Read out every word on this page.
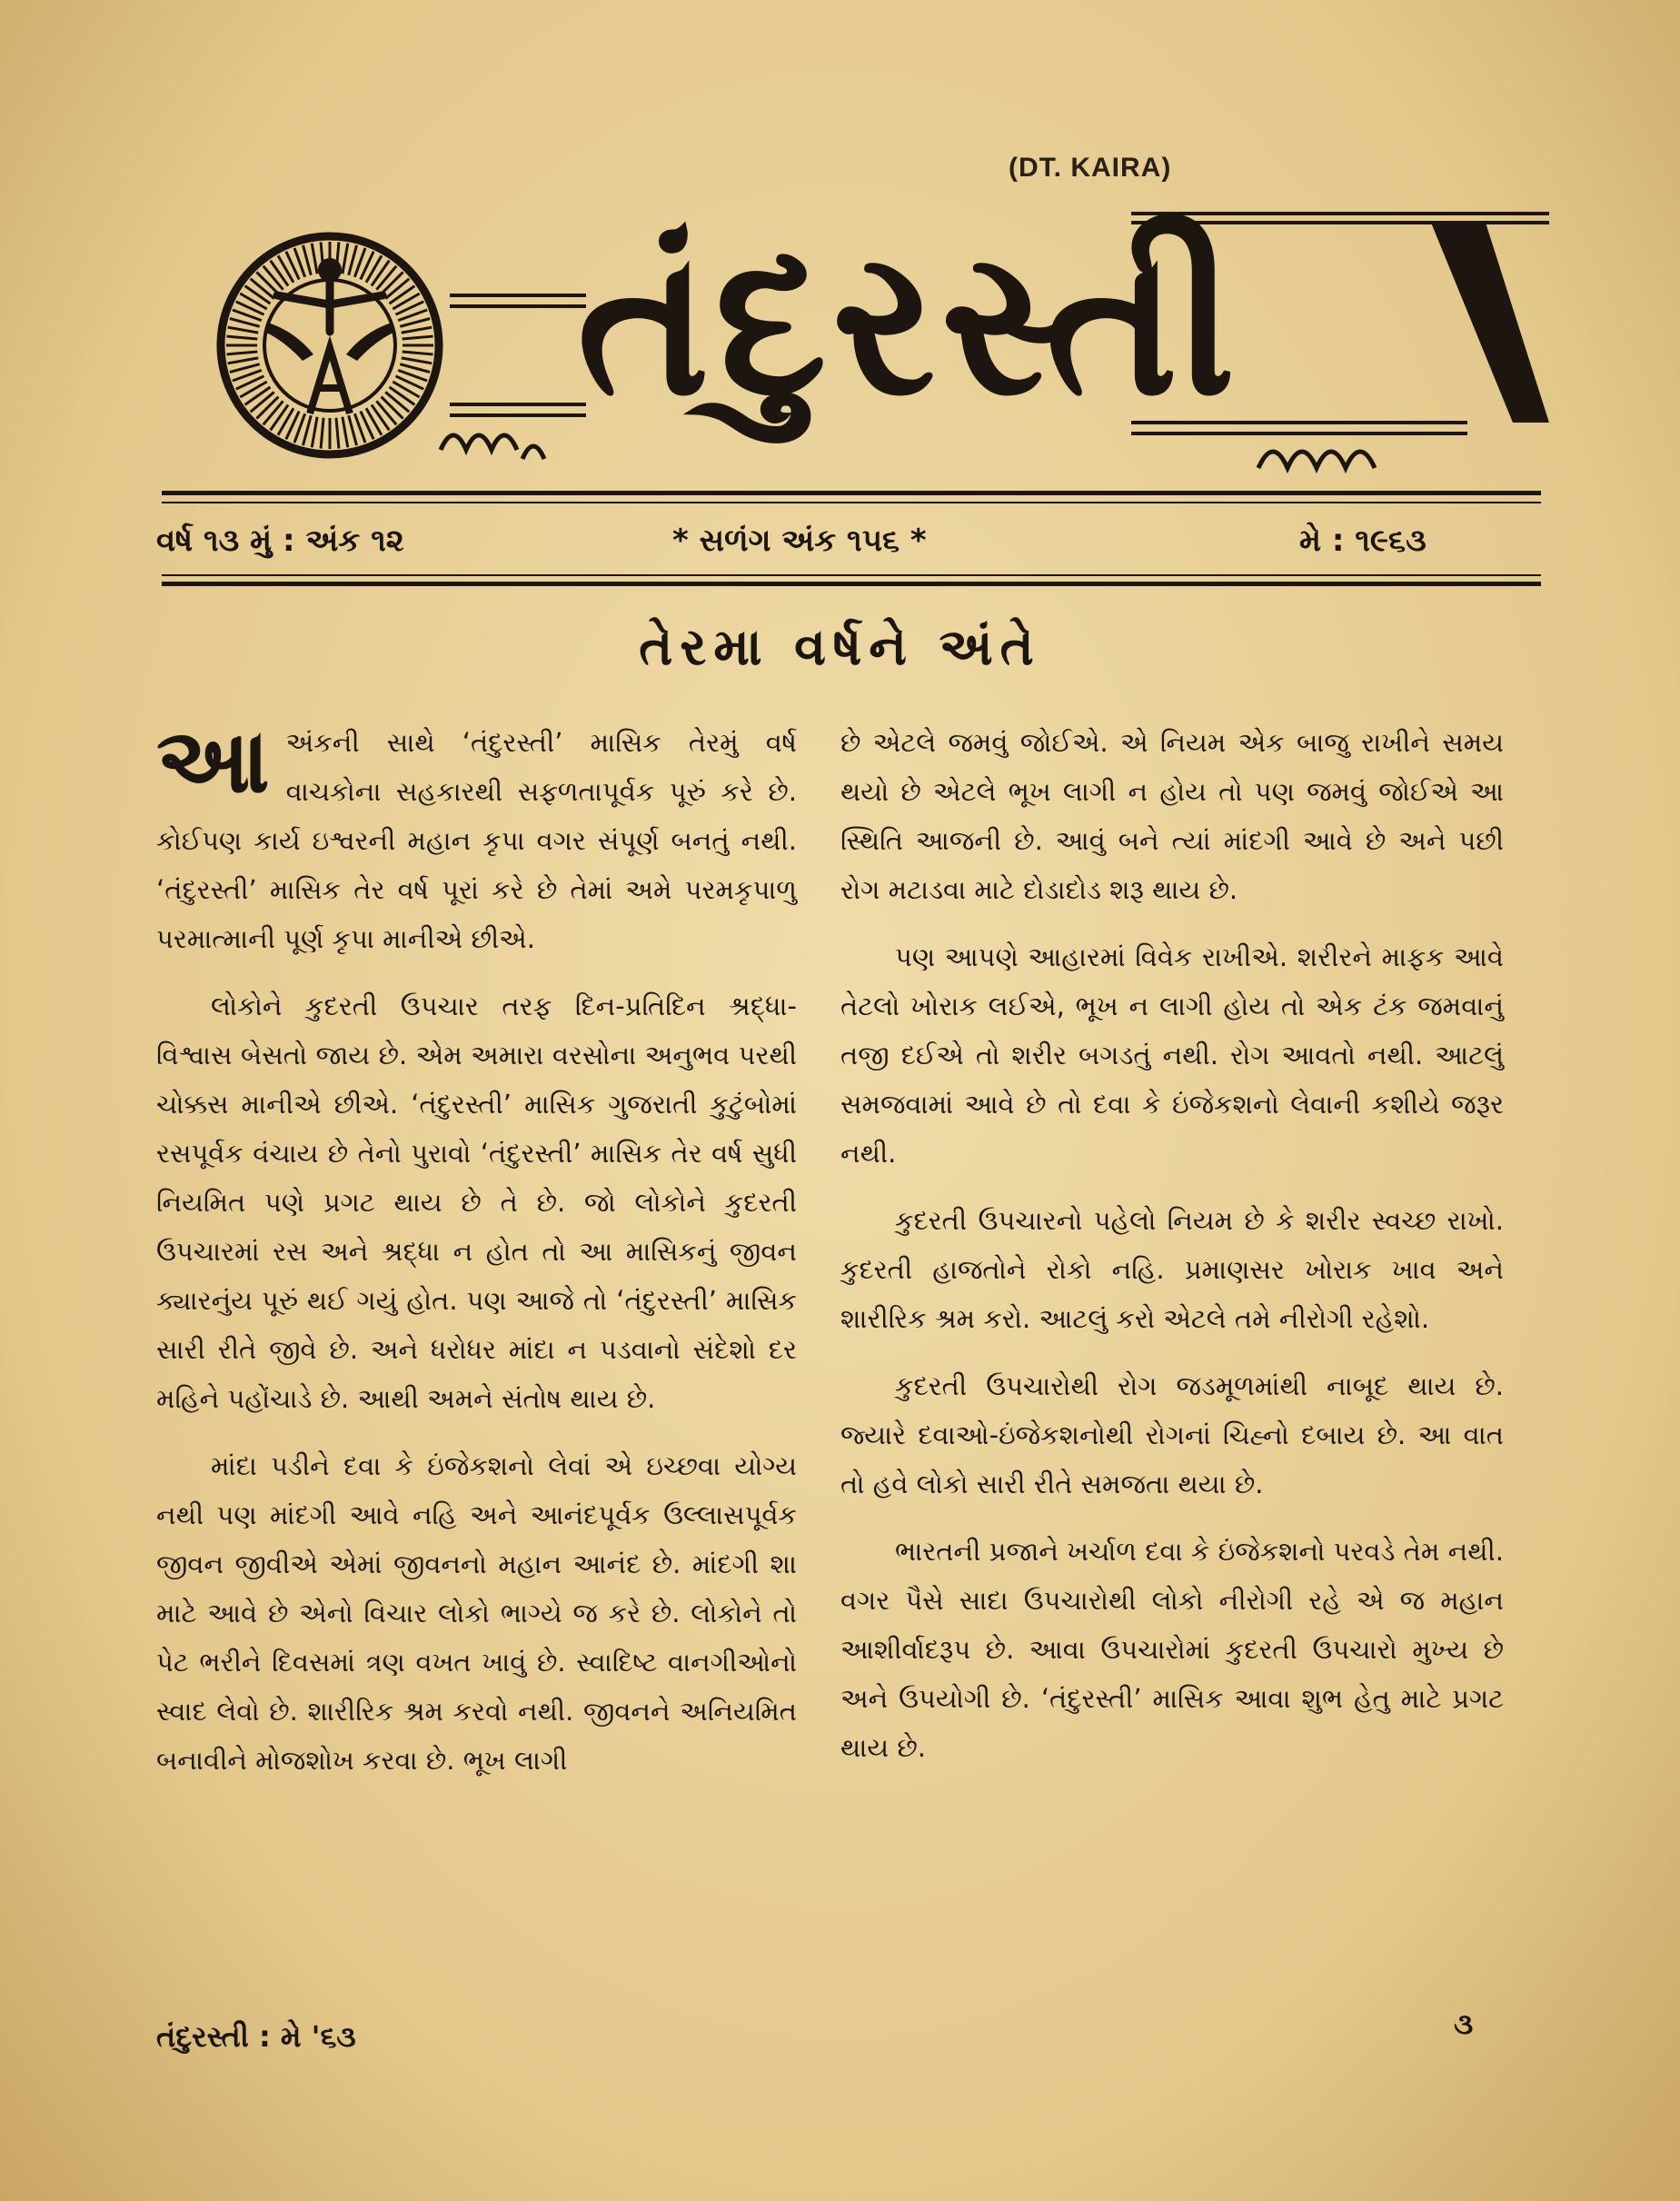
(DT. KAIRA)
તંદુરસ્તી
વર્ષ ૧૩ મું : અંક ૧૨	* સળંગ અંક ૧૫૬ *	મે : ૧૯૬૩
તેરમા વર્ષને અંતે

આઅંકની સાથે ‘તંદુરસ્તી’ માસિક તેરમું વર્ષ વાચકોના સહકારથી સફળતાપૂર્વક પૂરું કરે છે. કોઈપણ કાર્ય ઇશ્વરની મહાન કૃપા વગર સંપૂર્ણ બનતું નથી. ‘તંદુરસ્તી’ માસિક તેર વર્ષ પૂરાં કરે છે તેમાં અમે પરમકૃપાળુ પરમાત્માની પૂર્ણ કૃપા માનીએ છીએ.

લોકોને કુદરતી ઉપચાર તરફ દિન-પ્રતિદિન શ્રદ્ધા-વિશ્વાસ બેસતો જાય છે. એમ અમારા વરસોના અનુભવ પરથી ચોક્કસ માનીએ છીએ. ‘તંદુરસ્તી’ માસિક ગુજરાતી કુટુંબોમાં રસપૂર્વક વંચાય છે તેનો પુરાવો ‘તંદુરસ્તી’ માસિક તેર વર્ષ સુધી નિયમિત પણે પ્રગટ થાય છે તે છે. જો લોકોને કુદરતી ઉપચારમાં રસ અને શ્રદ્ધા ન હોત તો આ માસિકનું જીવન ક્યારનુંય પૂરું થઈ ગયું હોત. પણ આજે તો ‘તંદુરસ્તી’ માસિક સારી રીતે જીવે છે. અને ધરોધર માંદા ન પડવાનો સંદેશો દર મહિને પહોંચાડે છે. આથી અમને સંતોષ થાય છે.

માંદા પડીને દવા કે ઇંજેકશનો લેવાં એ ઇચ્છવા યોગ્ય નથી પણ માંદગી આવે નહિ અને આનંદપૂર્વક ઉલ્લાસપૂર્વક જીવન જીવીએ એમાં જીવનનો મહાન આનંદ છે. માંદગી શા માટે આવે છે એનો વિચાર લોકો ભાગ્યે જ કરે છે. લોકોને તો પેટ ભરીને દિવસમાં ત્રણ વખત ખાવું છે. સ્વાદિષ્ટ વાનગીઓનો સ્વાદ લેવો છે. શારીરિક શ્રમ કરવો નથી. જીવનને અનિયમિત બનાવીને મોજશોખ કરવા છે. ભૂખ લાગી

છે એટલે જમવું જોઈએ. એ નિયમ એક બાજુ રાખીને સમય થયો છે એટલે ભૂખ લાગી ન હોય તો પણ જમવું જોઈએ આ સ્થિતિ આજની છે. આવું બને ત્યાં માંદગી આવે છે અને પછી રોગ મટાડવા માટે દોડાદોડ શરૂ થાય છે.

પણ આપણે આહારમાં વિવેક રાખીએ. શરીરને માફક આવે તેટલો ખોરાક લઈએ, ભૂખ ન લાગી હોય તો એક ટંક જમવાનું તજી દઈએ તો શરીર બગડતું નથી. રોગ આવતો નથી. આટલું સમજવામાં આવે છે તો દવા કે ઇંજેકશનો લેવાની કશીયે જરૂર નથી.

કુદરતી ઉપચારનો પહેલો નિયમ છે કે શરીર સ્વચ્છ રાખો. કુદરતી હાજતોને રોકો નહિ. પ્રમાણસર ખોરાક ખાવ અને શારીરિક શ્રમ કરો. આટલું કરો એટલે તમે નીરોગી રહેશો.

કુદરતી ઉપચારોથી રોગ જડમૂળમાંથી નાબૂદ થાય છે. જ્યારે દવાઓ-ઇંજેકશનોથી રોગનાં ચિહ્નો દબાય છે. આ વાત તો હવે લોકો સારી રીતે સમજતા થયા છે.

ભારતની પ્રજાને ખર્ચાળ દવા કે ઇંજેકશનો પરવડે તેમ નથી. વગર પૈસે સાદા ઉપચારોથી લોકો નીરોગી રહે એ જ મહાન આશીર્વાદરૂપ છે. આવા ઉપચારોમાં કુદરતી ઉપચારો મુખ્ય છે અને ઉપયોગી છે. ‘તંદુરસ્તી’ માસિક આવા શુભ હેતુ માટે પ્રગટ થાય છે.

તંદુરસ્તી : મે '૬૩	૩
